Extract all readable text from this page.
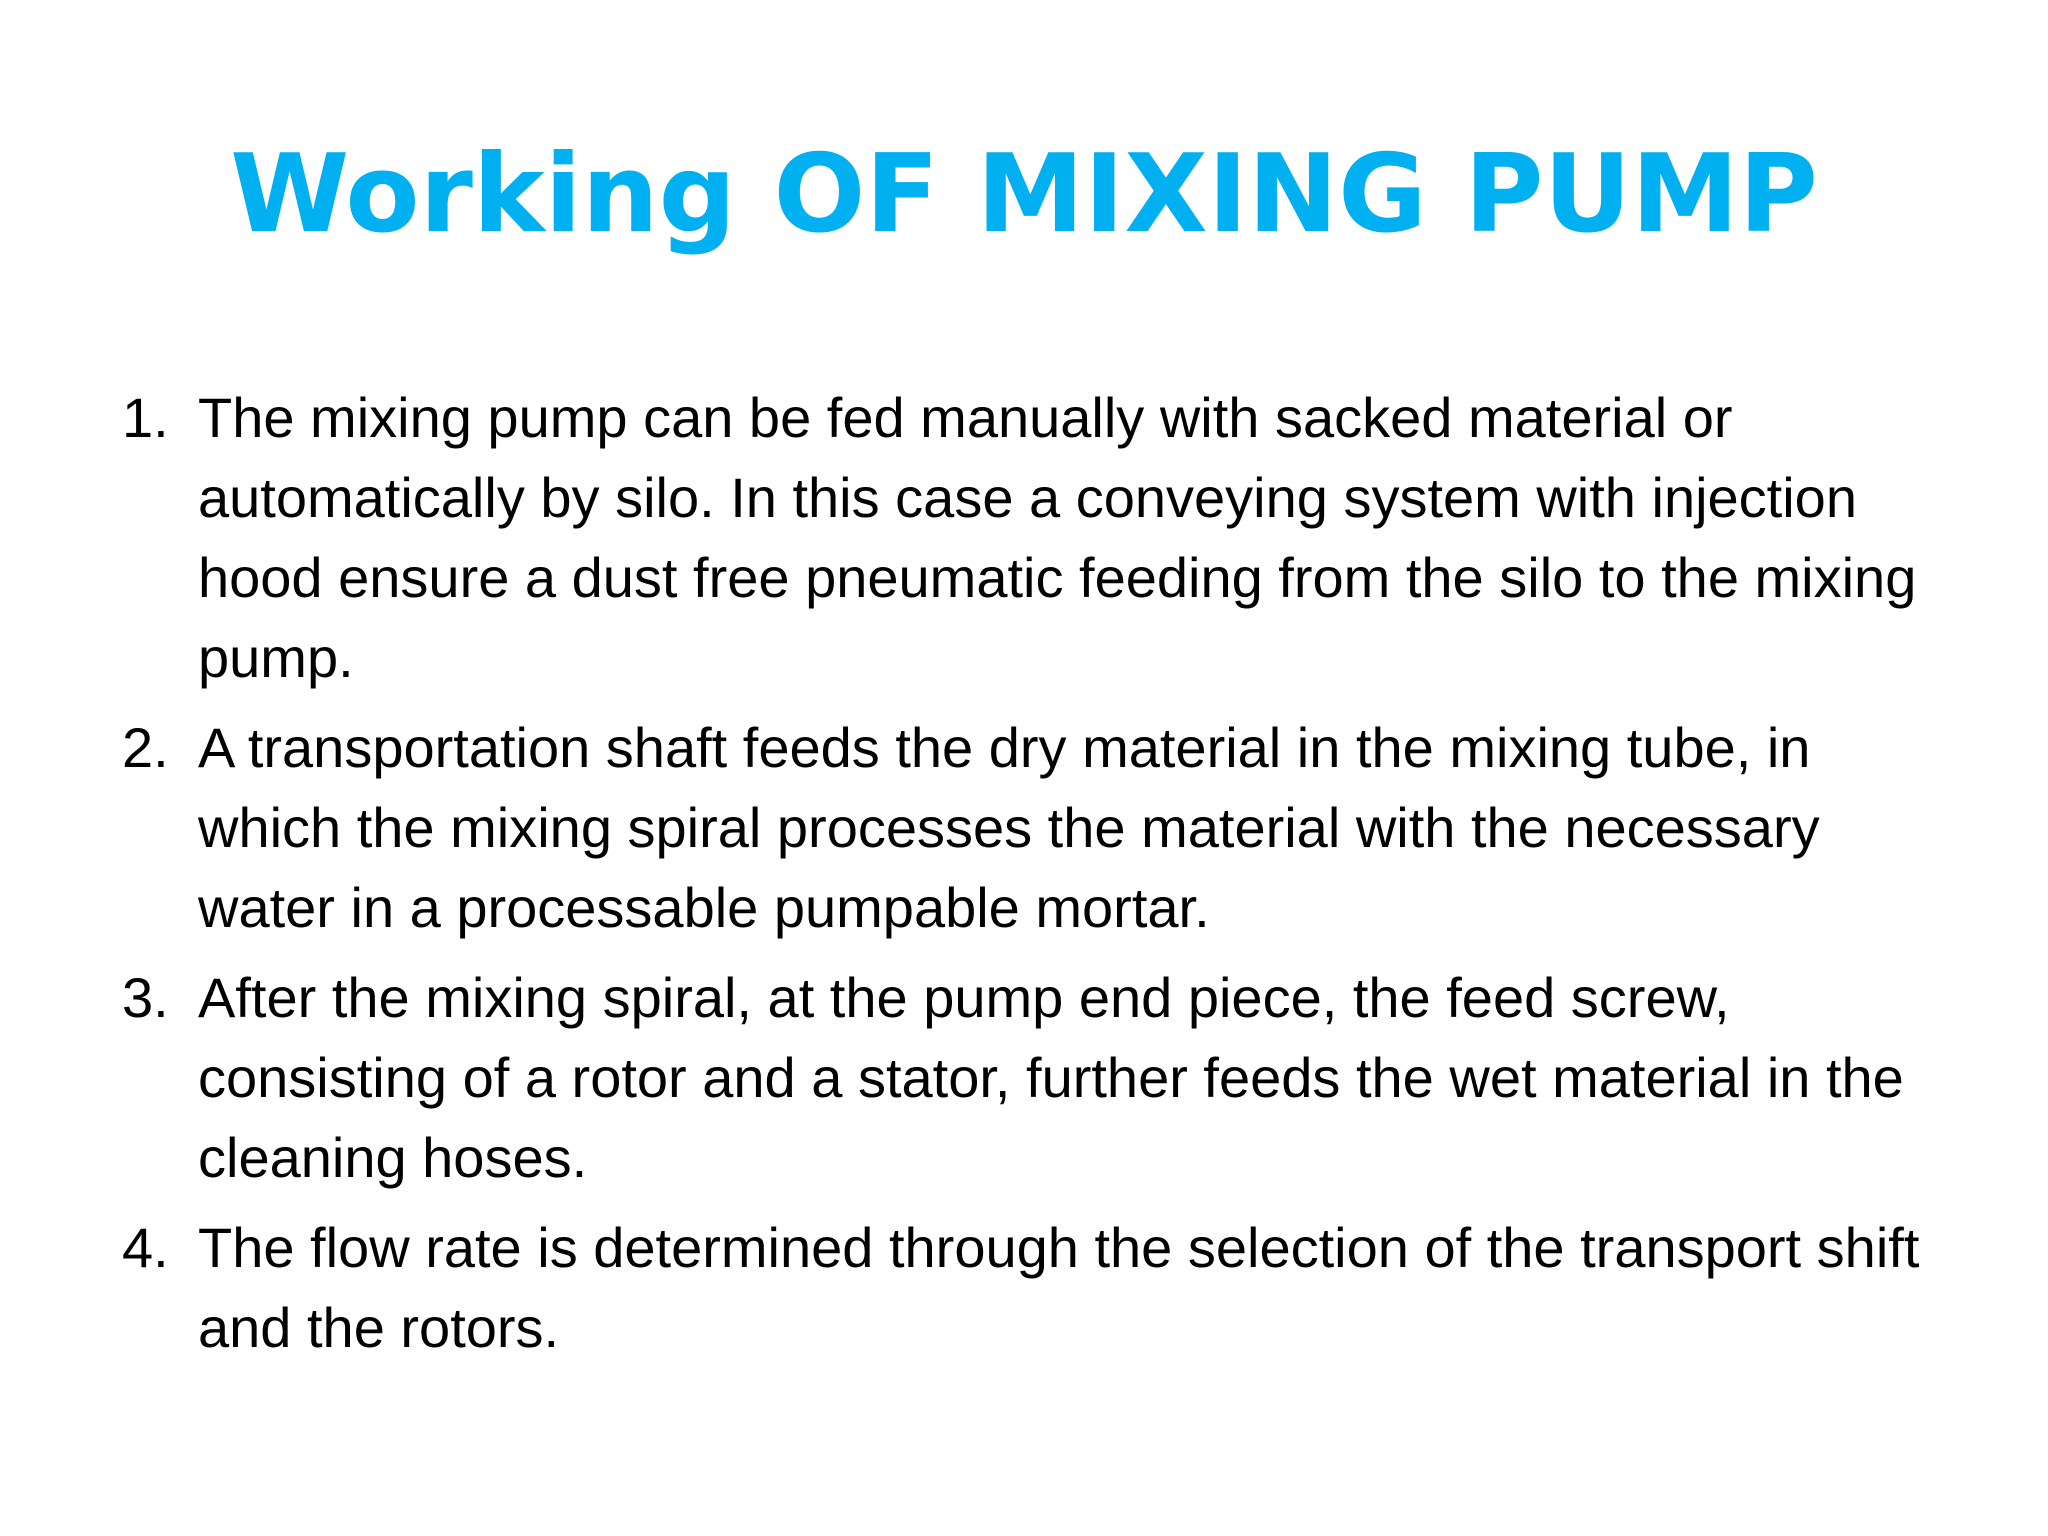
Working OF MIXING PUMP
1. The mixing pump can be fed manually with sacked material or automatically by silo. In this case a conveying system with injection hood ensure a dust free pneumatic feeding from the silo to the mixing pump.
2. A transportation shaft feeds the dry material in the mixing tube, in which the mixing spiral processes the material with the necessary water in a processable pumpable mortar.
3. After the mixing spiral, at the pump end piece, the feed screw, consisting of a rotor and a stator, further feeds the wet material in the cleaning hoses.
4. The flow rate is determined through the selection of the transport shift and the rotors.
